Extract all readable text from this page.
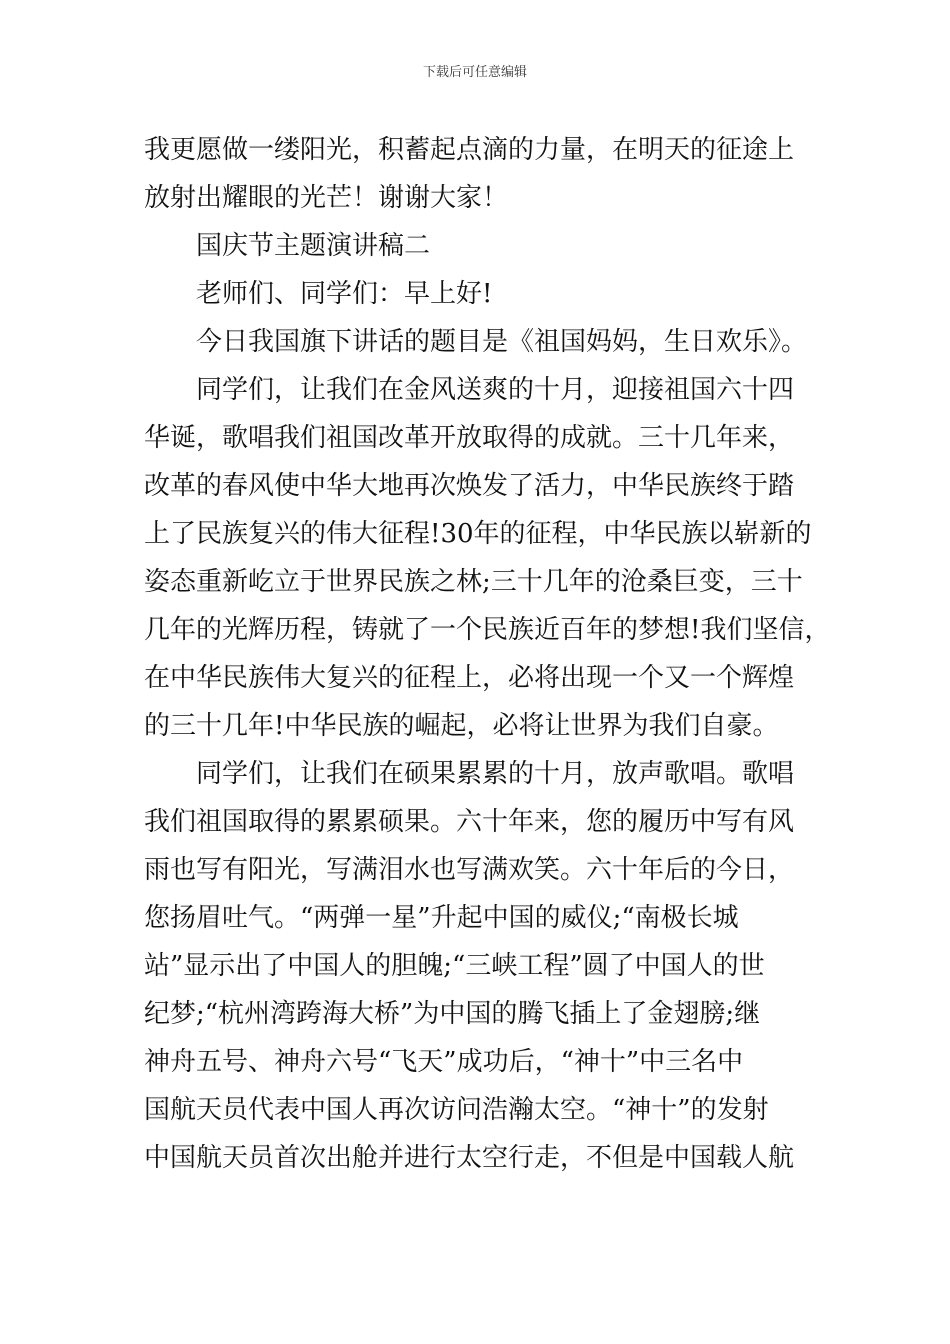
下载后可任意编辑
我更愿做一缕阳光，积蓄起点滴的力量，在明天的征途上
放射出耀眼的光芒！谢谢大家！
国庆节主题演讲稿二
老师们、同学们：早上好!
今日我国旗下讲话的题目是《祖国妈妈，生日欢乐》。
同学们，让我们在金风送爽的十月，迎接祖国六十四
华诞，歌唱我们祖国改革开放取得的成就。三十几年来，
改革的春风使中华大地再次焕发了活力，中华民族终于踏
上了民族复兴的伟大征程!30年的征程，中华民族以崭新的
姿态重新屹立于世界民族之林;三十几年的沧桑巨变，三十
几年的光辉历程，铸就了一个民族近百年的梦想!我们坚信，
在中华民族伟大复兴的征程上，必将出现一个又一个辉煌
的三十几年!中华民族的崛起，必将让世界为我们自豪。
同学们，让我们在硕果累累的十月，放声歌唱。歌唱
我们祖国取得的累累硕果。六十年来，您的履历中写有风
雨也写有阳光，写满泪水也写满欢笑。六十年后的今日，
您扬眉吐气。“两弹一星”升起中国的威仪;“南极长城
站”显示出了中国人的胆魄;“三峡工程”圆了中国人的世
纪梦;“杭州湾跨海大桥”为中国的腾飞插上了金翅膀;继
神舟五号、神舟六号“飞天”成功后，“神十”中三名中
国航天员代表中国人再次访问浩瀚太空。“神十”的发射
中国航天员首次出舱并进行太空行走，不但是中国载人航
